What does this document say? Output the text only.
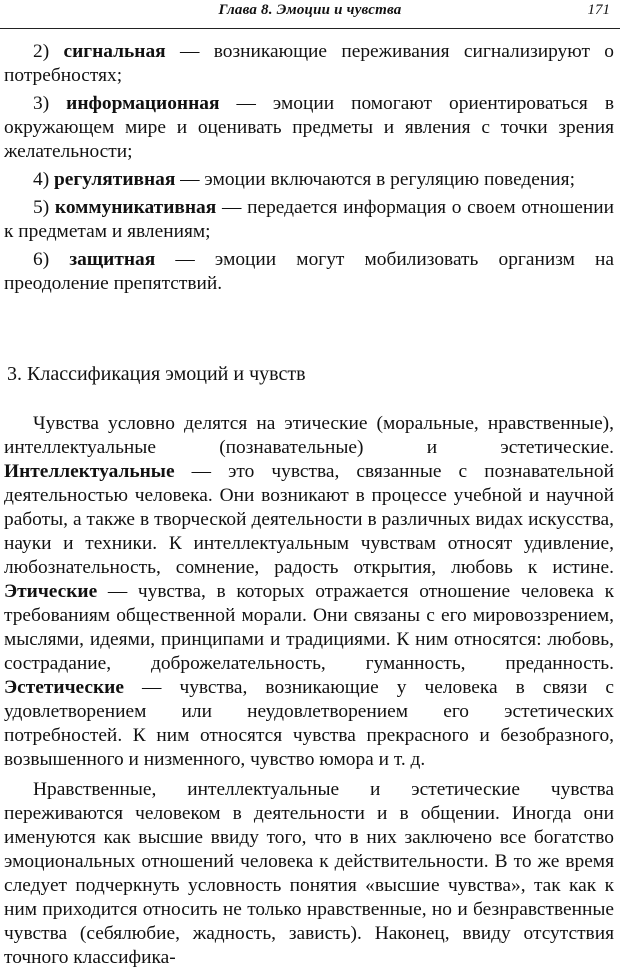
Глава 8. Эмоции и чувства	171

2) сигнальная — возникающие переживания сигнализируют о потребностях;

3) информационная — эмоции помогают ориентироваться в окружающем мире и оценивать предметы и явления с точки зрения желательности;

4) регулятивная — эмоции включаются в регуляцию поведения;

5) коммуникативная — передается информация о своем отношении к предметам и явлениям;

6) защитная — эмоции могут мобилизовать организм на преодоление препятствий.

3. Классификация эмоций и чувств

Чувства условно делятся на этические (моральные, нравственные), интеллектуальные (познавательные) и эстетические. Интеллектуальные — это чувства, связанные с познавательной деятельностью человека. Они возникают в процессе учебной и научной работы, а также в творческой деятельности в различных видах искусства, науки и техники. К интеллектуальным чувствам относят удивление, любознательность, сомнение, радость открытия, любовь к истине. Этические — чувства, в которых отражается отношение человека к требованиям общественной морали. Они связаны с его мировоззрением, мыслями, идеями, принципами и традициями. К ним относятся: любовь, сострадание, доброжелательность, гуманность, преданность. Эстетические — чувства, возникающие у человека в связи с удовлетворением или неудовлетворением его эстетических потребностей. К ним относятся чувства прекрасного и безобразного, возвышенного и низменного, чувство юмора и т. д.

Нравственные, интеллектуальные и эстетические чувства переживаются человеком в деятельности и в общении. Иногда они именуются как высшие ввиду того, что в них заключено все богатство эмоциональных отношений человека к действительности. В то же время следует подчеркнуть условность понятия «высшие чувства», так как к ним приходится относить не только нравственные, но и безнравственные чувства (себялюбие, жадность, зависть). Наконец, ввиду отсутствия точного классифика-
